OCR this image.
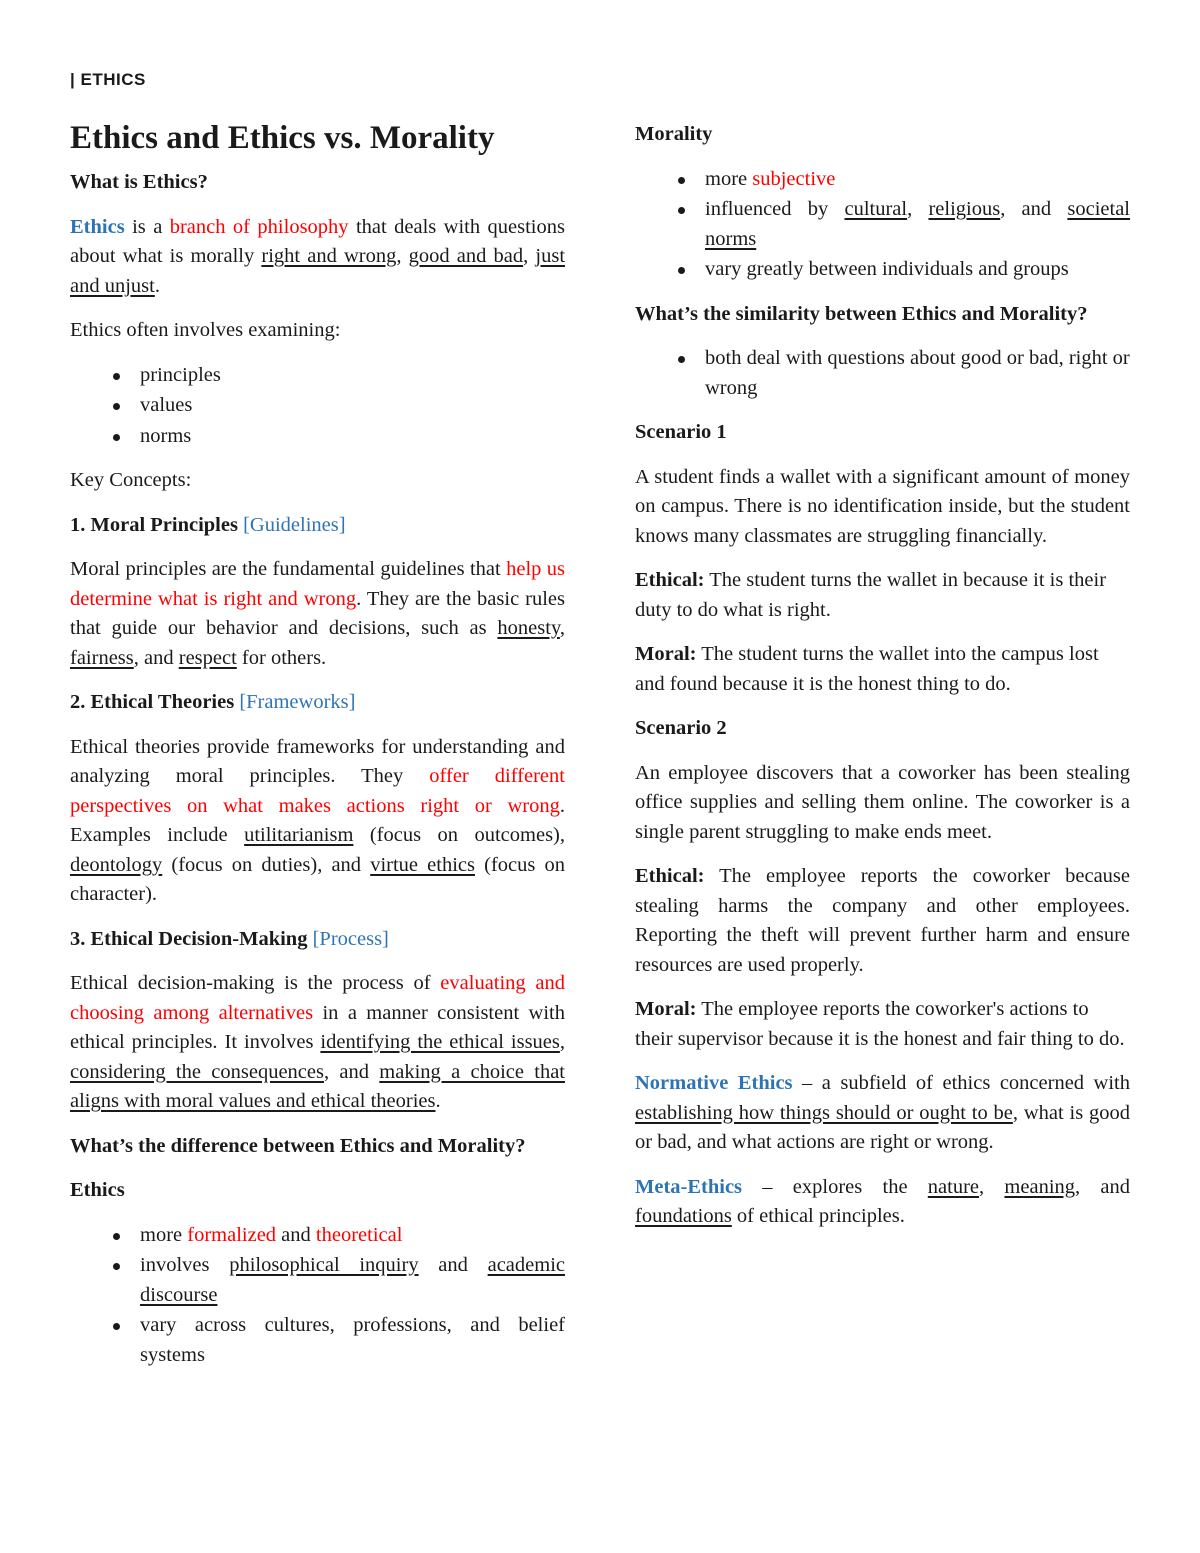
| ETHICS
Ethics and Ethics vs. Morality

What is Ethics?

Ethics is a branch of philosophy that deals with questions about what is morally right and wrong, good and bad, just and unjust.

Ethics often involves examining:

principles
values
norms

Key Concepts:

1. Moral Principles [Guidelines]

Moral principles are the fundamental guidelines that help us determine what is right and wrong. They are the basic rules that guide our behavior and decisions, such as honesty, fairness, and respect for others.

2. Ethical Theories [Frameworks]

Ethical theories provide frameworks for understanding and analyzing moral principles. They offer different perspectives on what makes actions right or wrong. Examples include utilitarianism (focus on outcomes), deontology (focus on duties), and virtue ethics (focus on character).

3. Ethical Decision-Making [Process]

Ethical decision-making is the process of evaluating and choosing among alternatives in a manner consistent with ethical principles. It involves identifying the ethical issues, considering the consequences, and making a choice that aligns with moral values and ethical theories.

What’s the difference between Ethics and Morality?

Ethics

more formalized and theoretical
involves philosophical inquiry and academic discourse
vary across cultures, professions, and belief systems

Morality

more subjective
influenced by cultural, religious, and societal norms
vary greatly between individuals and groups

What’s the similarity between Ethics and Morality?

both deal with questions about good or bad, right or wrong

Scenario 1

A student finds a wallet with a significant amount of money on campus. There is no identification inside, but the student knows many classmates are struggling financially.

Ethical: The student turns the wallet in because it is their duty to do what is right.

Moral: The student turns the wallet into the campus lost and found because it is the honest thing to do.

Scenario 2

An employee discovers that a coworker has been stealing office supplies and selling them online. The coworker is a single parent struggling to make ends meet.

Ethical: The employee reports the coworker because stealing harms the company and other employees. Reporting the theft will prevent further harm and ensure resources are used properly.

Moral: The employee reports the coworker's actions to their supervisor because it is the honest and fair thing to do.

Normative Ethics – a subfield of ethics concerned with establishing how things should or ought to be, what is good or bad, and what actions are right or wrong.

Meta-Ethics – explores the nature, meaning, and foundations of ethical principles.
